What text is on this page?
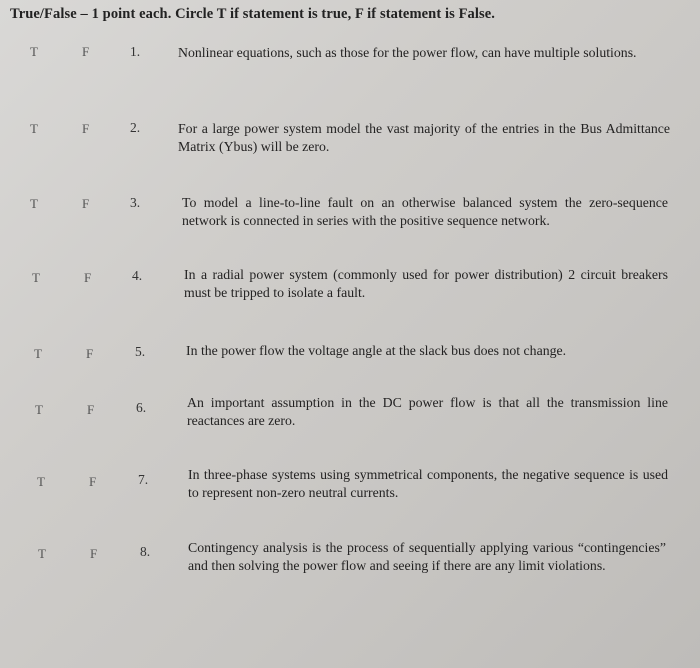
True/False – 1 point each. Circle T if statement is true, F if statement is False.
T	F	1.	Nonlinear equations, such as those for the power flow, can have multiple solutions.
T	F	2.	For a large power system model the vast majority of the entries in the Bus Admittance Matrix (Ybus) will be zero.
T	F	3.	To model a line-to-line fault on an otherwise balanced system the zero-sequence network is connected in series with the positive sequence network.
T	F	4.	In a radial power system (commonly used for power distribution) 2 circuit breakers must be tripped to isolate a fault.
T	F	5.	In the power flow the voltage angle at the slack bus does not change.
T	F	6.	An important assumption in the DC power flow is that all the transmission line reactances are zero.
T	F	7.	In three-phase systems using symmetrical components, the negative sequence is used to represent non-zero neutral currents.
T	F	8.	Contingency analysis is the process of sequentially applying various “contingencies” and then solving the power flow and seeing if there are any limit violations.
